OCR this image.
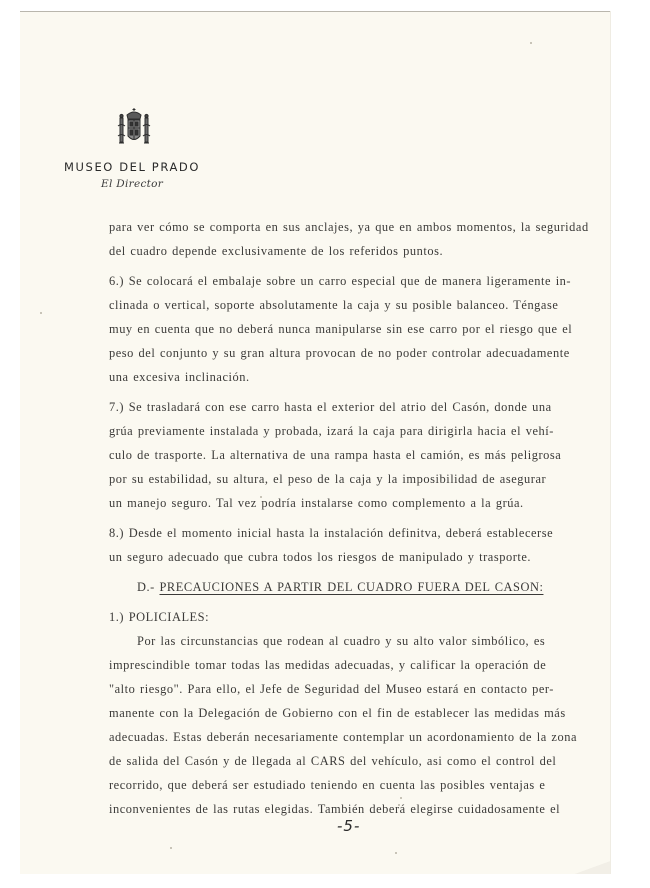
MUSEO DEL PRADO
El Director
para ver cómo se comporta en sus anclajes, ya que en ambos momentos, la seguridad
del cuadro depende exclusivamente de los referidos puntos.
6.) Se colocará el embalaje sobre un carro especial que de manera ligeramente in-
clinada o vertical, soporte absolutamente la caja y su posible balanceo. Téngase
muy en cuenta que no deberá nunca manipularse sin ese carro por el riesgo que el
peso del conjunto y su gran altura provocan de no poder controlar adecuadamente
una excesiva inclinación.
7.) Se trasladará con ese carro hasta el exterior del atrio del Casón, donde una
grúa previamente instalada y probada, izará la caja para dirigirla hacia el vehí-
culo de trasporte. La alternativa de una rampa hasta el camión, es más peligrosa
por su estabilidad, su altura, el peso de la caja y la imposibilidad de asegurar
un manejo seguro. Tal vez podría instalarse como complemento a la grúa.
8.) Desde el momento inicial hasta la instalación definitva, deberá establecerse
un seguro adecuado que cubra todos los riesgos de manipulado y trasporte.
D.- PRECAUCIONES A PARTIR DEL CUADRO FUERA DEL CASON:
1.) POLICIALES:
Por las circunstancias que rodean al cuadro y su alto valor simbólico, es
imprescindible tomar todas las medidas adecuadas, y calificar la operación de
"alto riesgo". Para ello, el Jefe de Seguridad del Museo estará en contacto per-
manente con la Delegación de Gobierno con el fin de establecer las medidas más
adecuadas. Estas deberán necesariamente contemplar un acordonamiento de la zona
de salida del Casón y de llegada al CARS del vehículo, asi como el control del
recorrido, que deberá ser estudiado teniendo en cuenta las posibles ventajas e
inconvenientes de las rutas elegidas. También deberá elegirse cuidadosamente el
-5-
